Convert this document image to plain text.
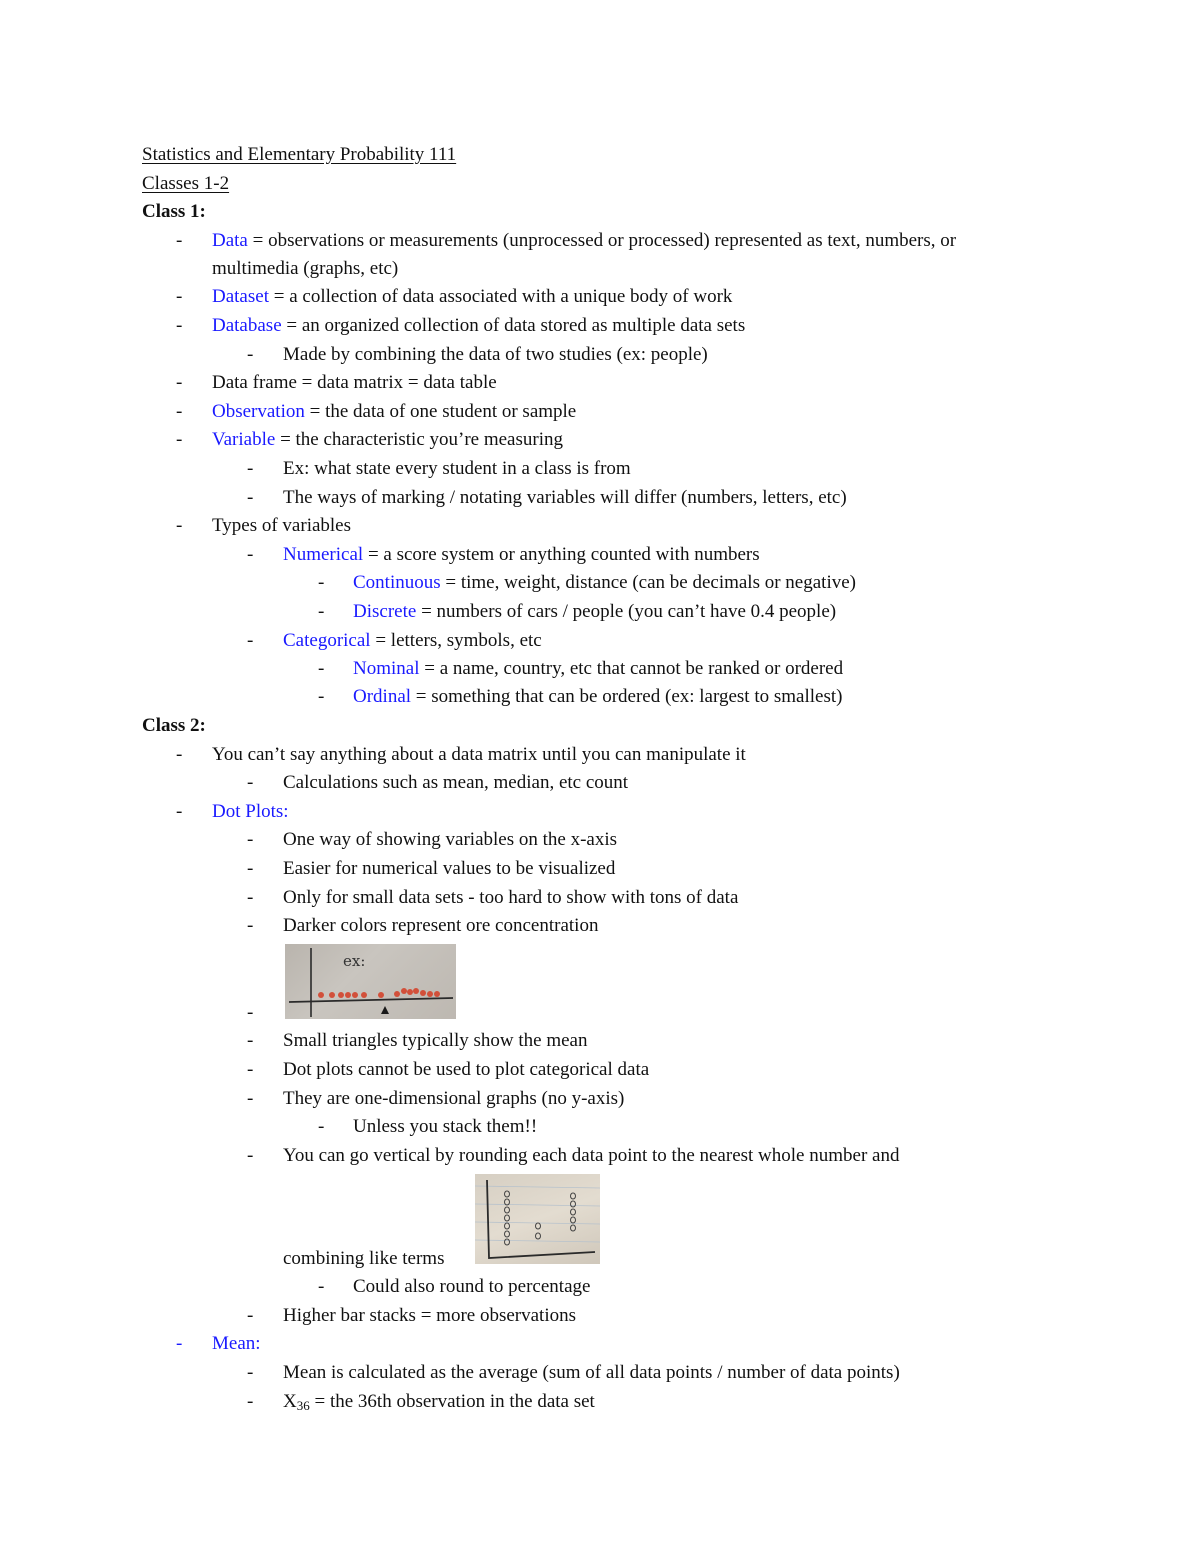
Statistics and Elementary Probability 111
Classes 1-2
Class 1:
- Data = observations or measurements (unprocessed or processed) represented as text, numbers, or
multimedia (graphs, etc)
- Dataset = a collection of data associated with a unique body of work
- Database = an organized collection of data stored as multiple data sets
- Made by combining the data of two studies (ex: people)
- Data frame = data matrix = data table
- Observation = the data of one student or sample
- Variable = the characteristic you’re measuring
- Ex: what state every student in a class is from
- The ways of marking / notating variables will differ (numbers, letters, etc)
- Types of variables
- Numerical = a score system or anything counted with numbers
- Continuous = time, weight, distance (can be decimals or negative)
- Discrete = numbers of cars / people (you can’t have 0.4 people)
- Categorical = letters, symbols, etc
- Nominal = a name, country, etc that cannot be ranked or ordered
- Ordinal = something that can be ordered (ex: largest to smallest)
Class 2:
- You can’t say anything about a data matrix until you can manipulate it
- Calculations such as mean, median, etc count
- Dot Plots:
- One way of showing variables on the x-axis
- Easier for numerical values to be visualized
- Only for small data sets - too hard to show with tons of data
- Darker colors represent ore concentration
ex:
-
- Small triangles typically show the mean
- Dot plots cannot be used to plot categorical data
- They are one-dimensional graphs (no y-axis)
- Unless you stack them!!
- You can go vertical by rounding each data point to the nearest whole number and
combining like terms
- Could also round to percentage
- Higher bar stacks = more observations
- Mean:
- Mean is calculated as the average (sum of all data points / number of data points)
- $X_{36}$ = the 36th observation in the data set
